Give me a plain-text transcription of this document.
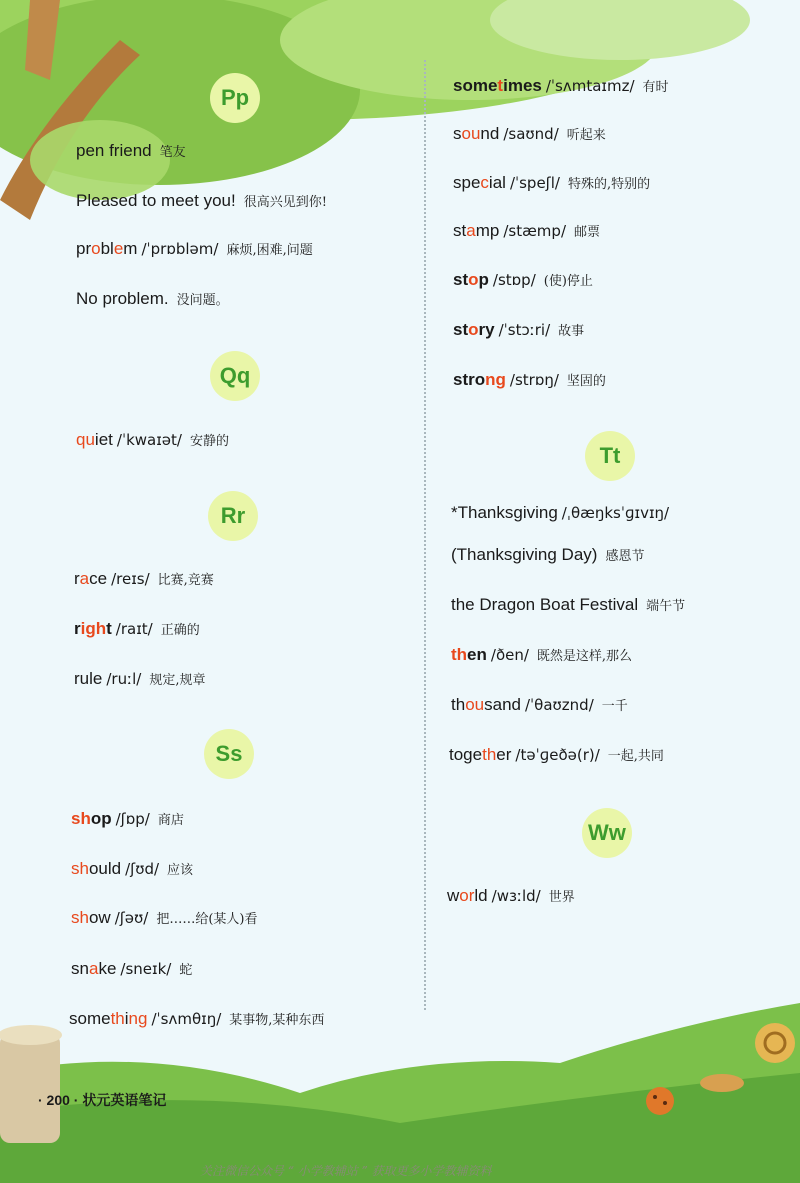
Pp
pen friend 笔友
Pleased to meet you! 很高兴见到你!
problem /ˈprɒbləm/ 麻烦,困难,问题
No problem. 没问题。
Qq
quiet /ˈkwaɪət/ 安静的
Rr
race /reɪs/ 比赛,竞赛
right /raɪt/ 正确的
rule /ruːl/ 规定,规章
Ss
shop /ʃɒp/ 商店
should /ʃʊd/ 应该
show /ʃəʊ/ 把……给(某人)看
snake /sneɪk/ 蛇
something /ˈsʌmθɪŋ/ 某事物,某种东西
sometimes /ˈsʌmtaɪmz/ 有时
sound /saʊnd/ 听起来
special /ˈspeʃl/ 特殊的,特别的
stamp /stæmp/ 邮票
stop /stɒp/ (使)停止
story /ˈstɔːri/ 故事
strong /strɒŋ/ 坚固的
Tt
*Thanksgiving /ˌθæŋksˈɡɪvɪŋ/
(Thanksgiving Day) 感恩节
the Dragon Boat Festival 端午节
then /ðen/ 既然是这样,那么
thousand /ˈθaʊznd/ 一千
together /təˈɡeðə(r)/ 一起,共同
Ww
world /wɜːld/ 世界
· 200 · 状元英语笔记
关注微信公众号 “ 小学教辅站 ” 获取更多小学教辅资料
